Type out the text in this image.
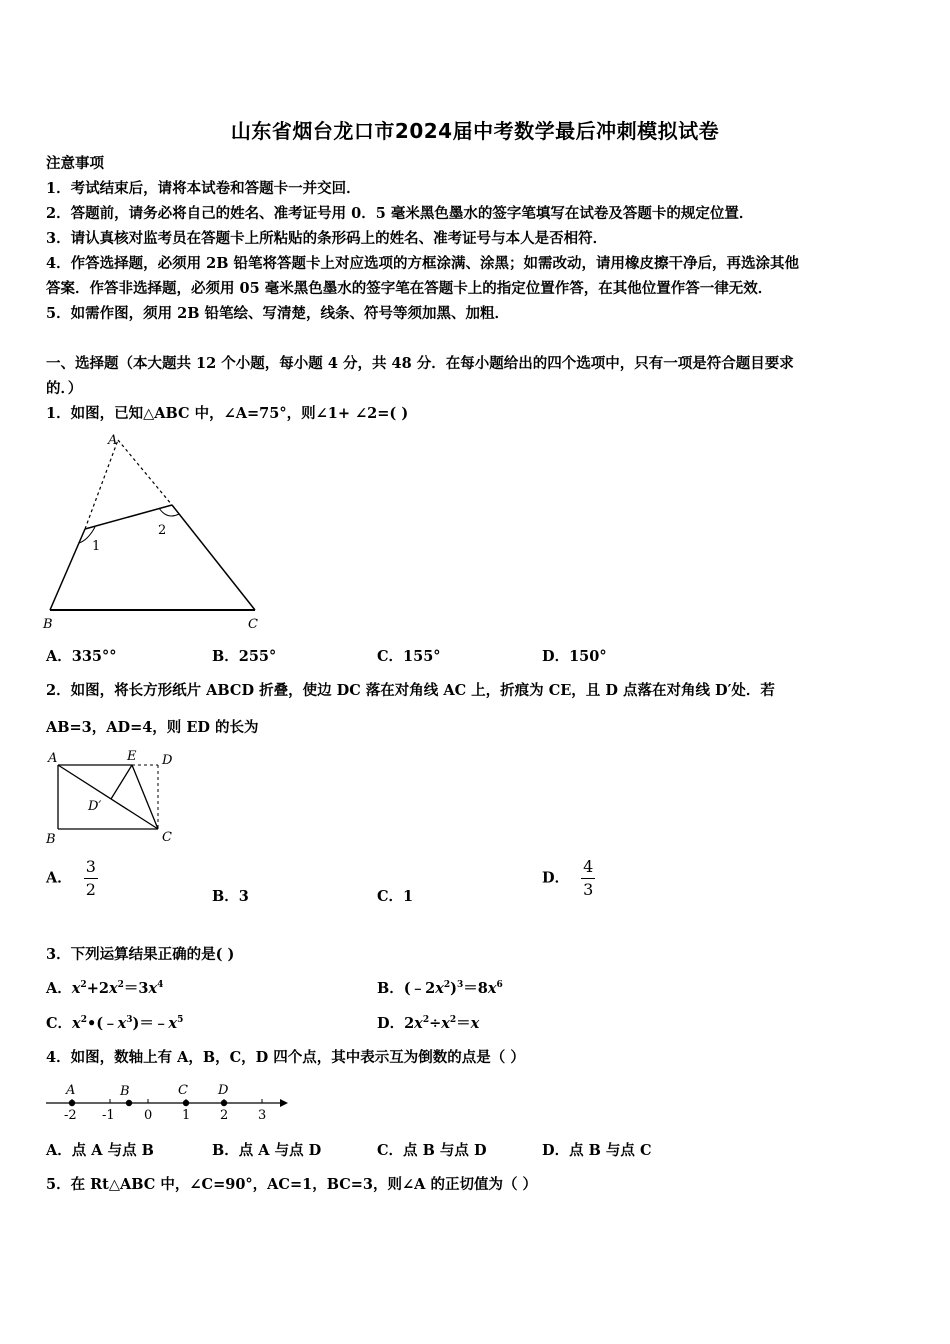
山东省烟台龙口市2024届中考数学最后冲刺模拟试卷
注意事项
1．考试结束后，请将本试卷和答题卡一并交回．
2．答题前，请务必将自己的姓名、准考证号用 0．5 毫米黑色墨水的签字笔填写在试卷及答题卡的规定位置．
3．请认真核对监考员在答题卡上所粘贴的条形码上的姓名、准考证号与本人是否相符．
4．作答选择题，必须用 2B 铅笔将答题卡上对应选项的方框涂满、涂黑；如需改动，请用橡皮擦干净后，再选涂其他
答案．作答非选择题，必须用 05 毫米黑色墨水的签字笔在答题卡上的指定位置作答，在其他位置作答一律无效．
5．如需作图，须用 2B 铅笔绘、写清楚，线条、符号等须加黑、加粗．
一、选择题（本大题共 12 个小题，每小题 4 分，共 48 分．在每小题给出的四个选项中，只有一项是符合题目要求
的．）
1．如图，已知△ABC 中，∠A=75°，则∠1+ ∠2=( )
A
B	C
1
2
A．335°°	B．255°	C．155°	D．150°
2．如图，将长方形纸片 ABCD 折叠，使边 DC 落在对角线 AC 上，折痕为 CE，且 D 点落在对角线 D′处．若
AB=3，AD=4，则 ED 的长为
A	E D
D′
B	C
A． $\frac{3}{2}$	B．3	C．1
D． $\frac{4}{3}$
3．下列运算结果正确的是( )
A．$x^2+2x^2=3x^4$	B．$(﹣2x^2)^3=8x^6$
C．$x^2•(﹣x^3)=﹣x^5$	D．$2x^2\div x^2=x$
4．如图，数轴上有 A，B，C，D 四个点，其中表示互为倒数的点是（ ）
A	B	C D
-2 -1 0 1 2 3
A．点 A 与点 B	B．点 A 与点 D	C．点 B 与点 D	D．点 B 与点 C
5．在 Rt△ABC 中，∠C=90°，AC=1，BC=3，则∠A 的正切值为（ ）
